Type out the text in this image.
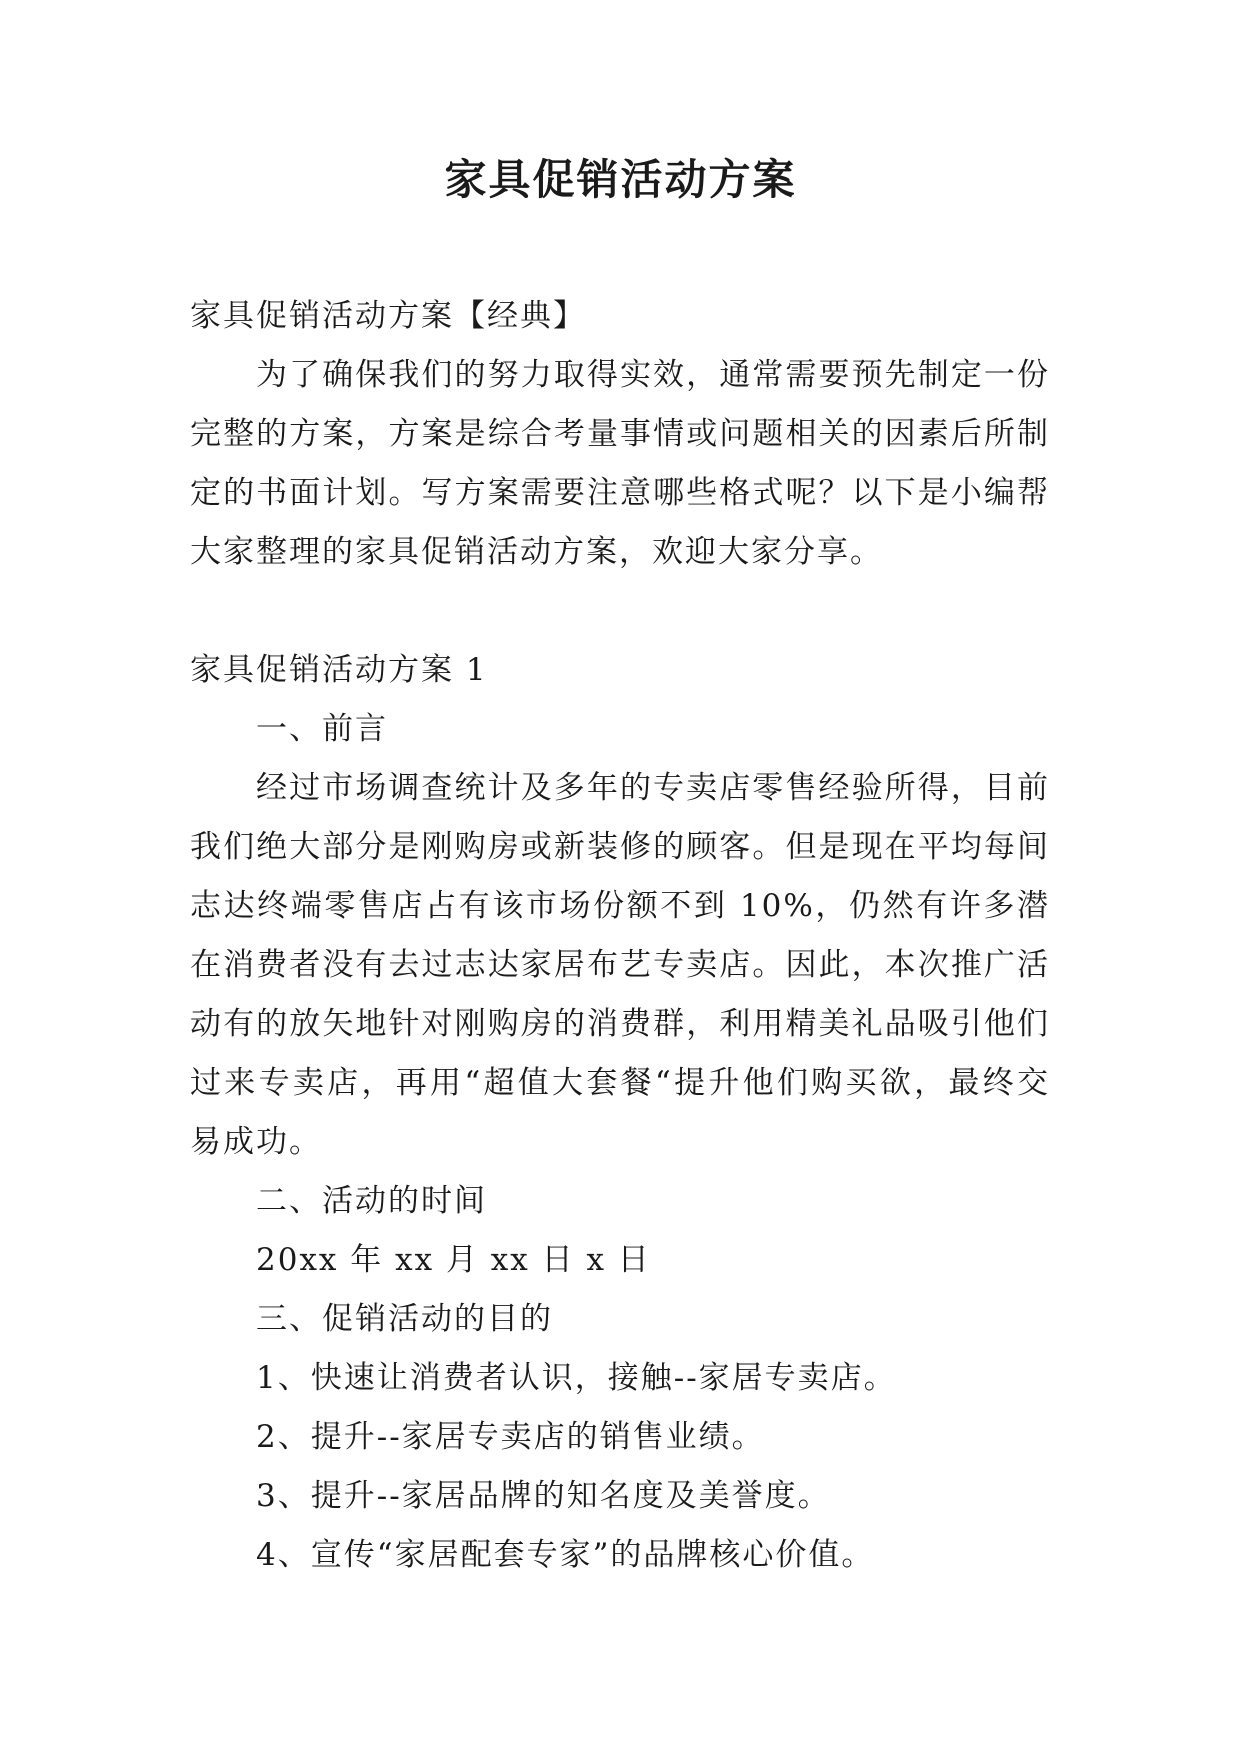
家具促销活动方案

家具促销活动方案【经典】

为了确保我们的努力取得实效，通常需要预先制定一份完整的方案，方案是综合考量事情或问题相关的因素后所制定的书面计划。写方案需要注意哪些格式呢？以下是小编帮大家整理的家具促销活动方案，欢迎大家分享。

家具促销活动方案 1

一、前言

经过市场调查统计及多年的专卖店零售经验所得，目前我们绝大部分是刚购房或新装修的顾客。但是现在平均每间志达终端零售店占有该市场份额不到 10%，仍然有许多潜在消费者没有去过志达家居布艺专卖店。因此，本次推广活动有的放矢地针对刚购房的消费群，利用精美礼品吸引他们过来专卖店，再用“超值大套餐“提升他们购买欲，最终交易成功。

二、活动的时间

20xx 年 xx 月 xx 日 x 日

三、促销活动的目的

1、快速让消费者认识，接触--家居专卖店。

2、提升--家居专卖店的销售业绩。

3、提升--家居品牌的知名度及美誉度。

4、宣传“家居配套专家”的品牌核心价值。
